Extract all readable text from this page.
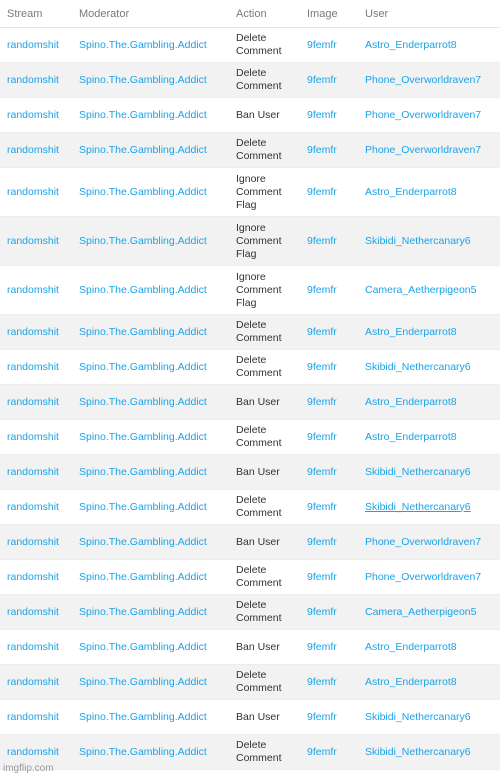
Stream	Moderator	Action	Image	User
randomshit	Spino.The.Gambling.Addict	Delete Comment	9femfr	Astro_Enderparrot8
randomshit	Spino.The.Gambling.Addict	Delete Comment	9femfr	Phone_Overworldraven7
randomshit	Spino.The.Gambling.Addict	Ban User	9femfr	Phone_Overworldraven7
randomshit	Spino.The.Gambling.Addict	Delete Comment	9femfr	Phone_Overworldraven7
randomshit	Spino.The.Gambling.Addict	Ignore Comment Flag	9femfr	Astro_Enderparrot8
randomshit	Spino.The.Gambling.Addict	Ignore Comment Flag	9femfr	Skibidi_Nethercanary6
randomshit	Spino.The.Gambling.Addict	Ignore Comment Flag	9femfr	Camera_Aetherpigeon5
randomshit	Spino.The.Gambling.Addict	Delete Comment	9femfr	Astro_Enderparrot8
randomshit	Spino.The.Gambling.Addict	Delete Comment	9femfr	Skibidi_Nethercanary6
randomshit	Spino.The.Gambling.Addict	Ban User	9femfr	Astro_Enderparrot8
randomshit	Spino.The.Gambling.Addict	Delete Comment	9femfr	Astro_Enderparrot8
randomshit	Spino.The.Gambling.Addict	Ban User	9femfr	Skibidi_Nethercanary6
randomshit	Spino.The.Gambling.Addict	Delete Comment	9femfr	Skibidi_Nethercanary6
randomshit	Spino.The.Gambling.Addict	Ban User	9femfr	Phone_Overworldraven7
randomshit	Spino.The.Gambling.Addict	Delete Comment	9femfr	Phone_Overworldraven7
randomshit	Spino.The.Gambling.Addict	Delete Comment	9femfr	Camera_Aetherpigeon5
randomshit	Spino.The.Gambling.Addict	Ban User	9femfr	Astro_Enderparrot8
randomshit	Spino.The.Gambling.Addict	Delete Comment	9femfr	Astro_Enderparrot8
randomshit	Spino.The.Gambling.Addict	Ban User	9femfr	Skibidi_Nethercanary6
randomshit	Spino.The.Gambling.Addict	Delete Comment	9femfr	Skibidi_Nethercanary6
imgflip.com
